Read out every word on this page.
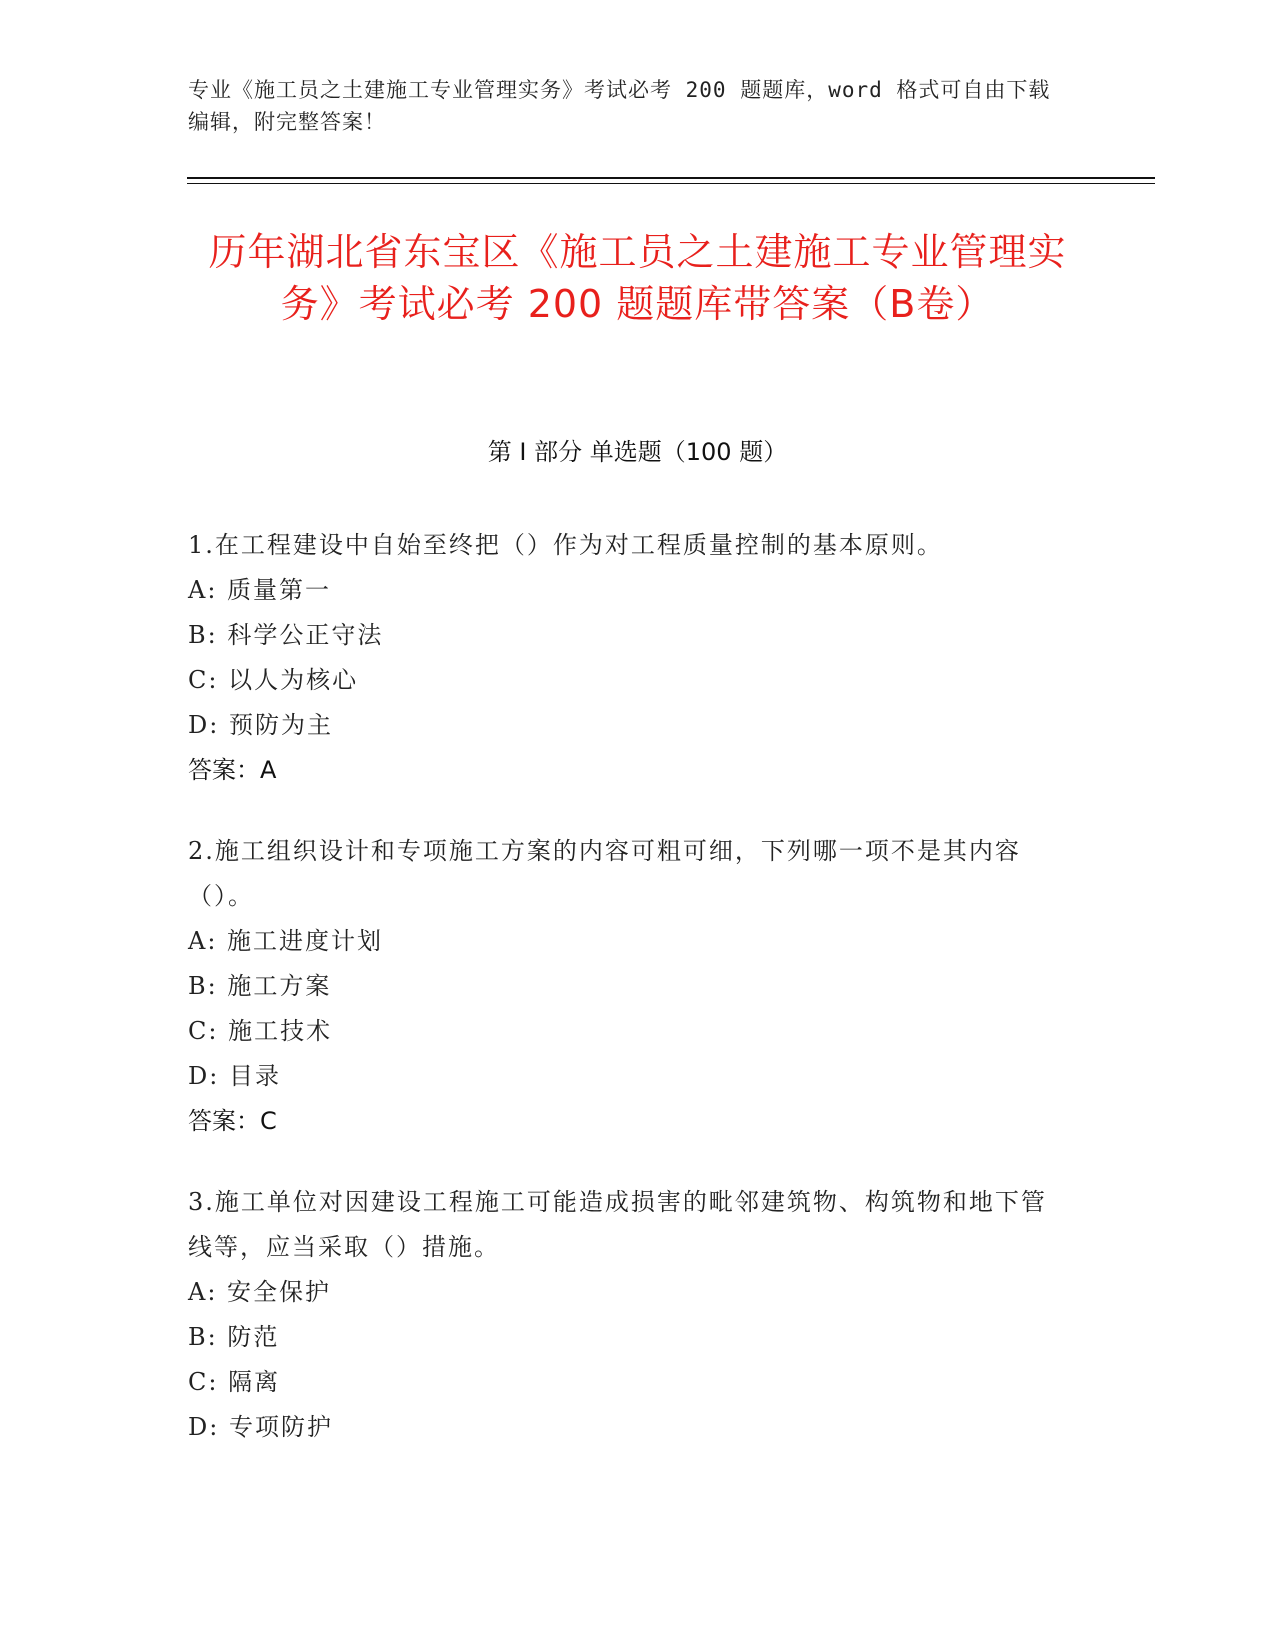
专业《施工员之土建施工专业管理实务》考试必考 200 题题库，word 格式可自由下载编辑，附完整答案！
历年湖北省东宝区《施工员之土建施工专业管理实务》考试必考 200 题题库带答案（B卷）
第 I 部分 单选题（100 题）
1.在工程建设中自始至终把（）作为对工程质量控制的基本原则。
A: 质量第一
B: 科学公正守法
C: 以人为核心
D: 预防为主
答案：A
2.施工组织设计和专项施工方案的内容可粗可细，下列哪一项不是其内容（）。
A: 施工进度计划
B: 施工方案
C: 施工技术
D: 目录
答案：C
3.施工单位对因建设工程施工可能造成损害的毗邻建筑物、构筑物和地下管线等，应当采取（）措施。
A: 安全保护
B: 防范
C: 隔离
D: 专项防护
